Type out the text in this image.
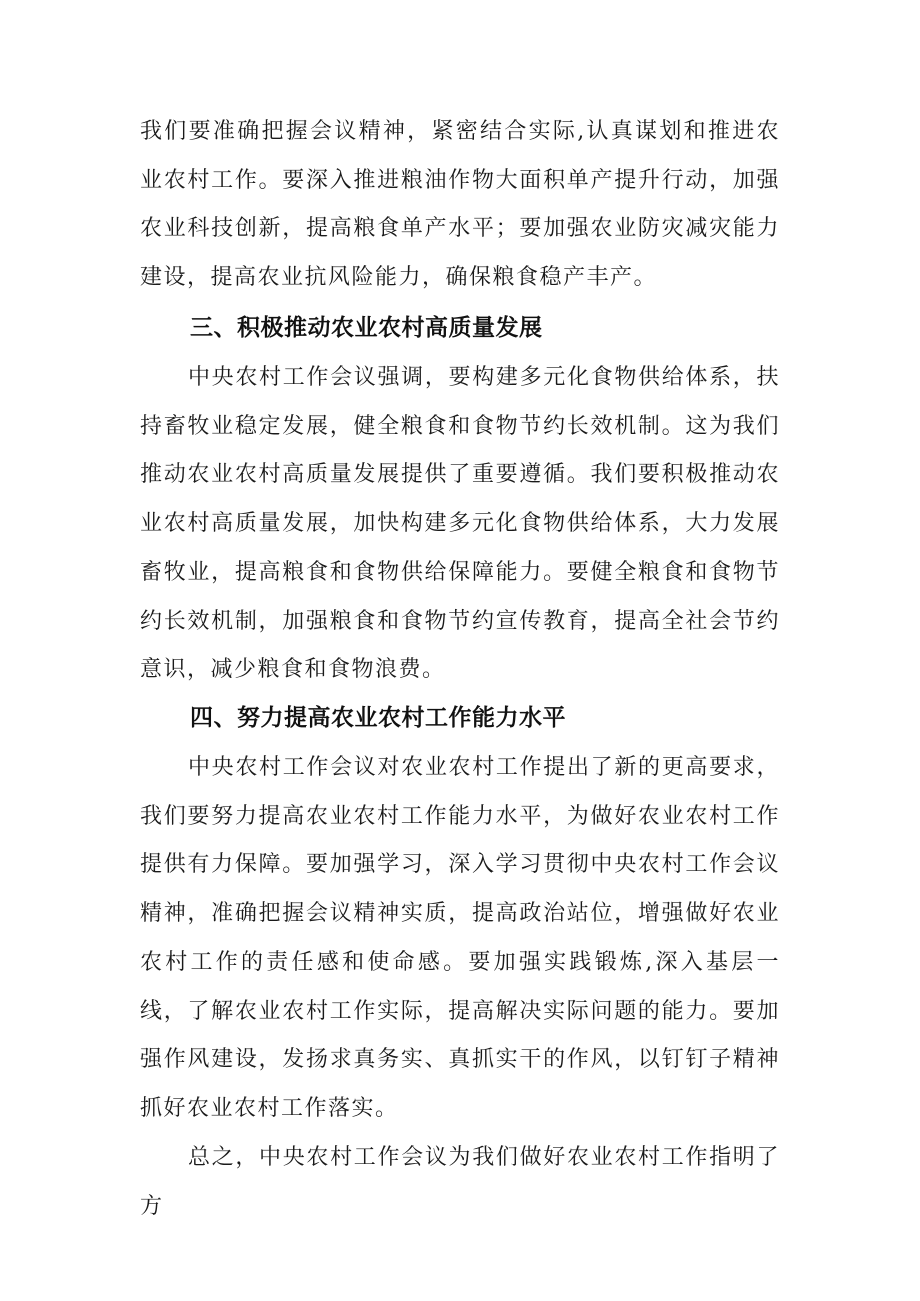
我们要准确把握会议精神，紧密结合实际,认真谋划和推进农业农村工作。要深入推进粮油作物大面积单产提升行动，加强农业科技创新，提高粮食单产水平；要加强农业防灾减灾能力建设，提高农业抗风险能力，确保粮食稳产丰产。

三、积极推动农业农村高质量发展

中央农村工作会议强调，要构建多元化食物供给体系，扶持畜牧业稳定发展，健全粮食和食物节约长效机制。这为我们推动农业农村高质量发展提供了重要遵循。我们要积极推动农业农村高质量发展，加快构建多元化食物供给体系，大力发展畜牧业，提高粮食和食物供给保障能力。要健全粮食和食物节约长效机制，加强粮食和食物节约宣传教育，提高全社会节约意识，减少粮食和食物浪费。

四、努力提高农业农村工作能力水平

中央农村工作会议对农业农村工作提出了新的更高要求，我们要努力提高农业农村工作能力水平，为做好农业农村工作提供有力保障。要加强学习，深入学习贯彻中央农村工作会议精神，准确把握会议精神实质，提高政治站位，增强做好农业农村工作的责任感和使命感。要加强实践锻炼,深入基层一线，了解农业农村工作实际，提高解决实际问题的能力。要加强作风建设，发扬求真务实、真抓实干的作风，以钉钉子精神抓好农业农村工作落实。

总之，中央农村工作会议为我们做好农业农村工作指明了方
